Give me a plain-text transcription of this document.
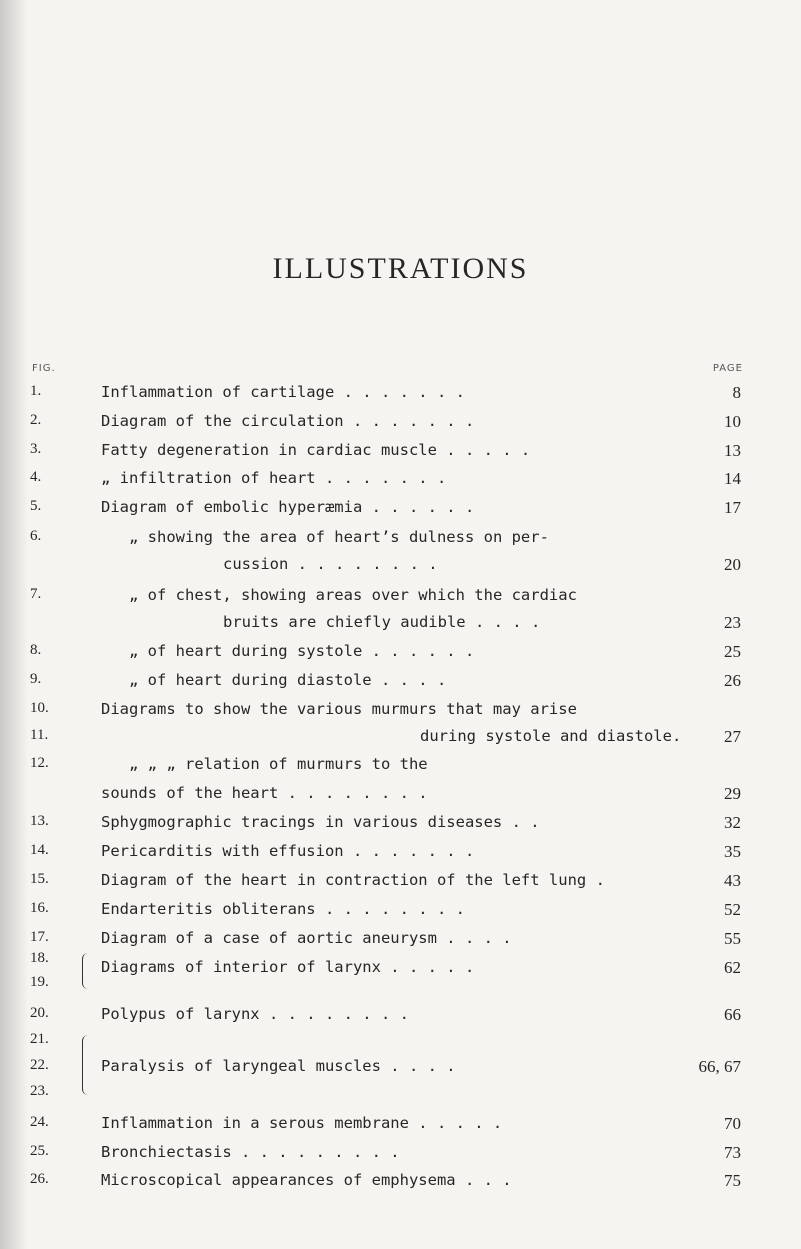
ILLUSTRATIONS
FIG.	PAGE
1.	Inflammation of cartilage . . . . . . .	8
2.	Diagram of the circulation . . . . . . .	10
3.	Fatty degeneration in cardiac muscle . . . . .	13
4.	„ infiltration of heart . . . . . . .	14
5.	Diagram of embolic hyperæmia . . . . . .	17
6.	„ showing the area of heart’s dulness on per-
cussion . . . . . . . .	20
7.	„ of chest, showing areas over which the cardiac
bruits are chiefly audible . . . .	23
8.	„ of heart during systole . . . . . .	25
9.	„ of heart during diastole . . . .	26
10.	Diagrams to show the various murmurs that may arise
11.	during systole and diastole.	27
12.	„ „ „ relation of murmurs to the
sounds of the heart . . . . . . . .	29
13.	Sphygmographic tracings in various diseases . .	32
14.	Pericarditis with effusion . . . . . . .	35
15.	Diagram of the heart in contraction of the left lung .	43
16.	Endarteritis obliterans . . . . . . . .	52
17.	Diagram of a case of aortic aneurysm . . . .	55
18.	Diagrams of interior of larynx . . . . .	62
19.
20.	Polypus of larynx . . . . . . . .	66
21.
22.	Paralysis of laryngeal muscles . . . .	66, 67
23.
24.	Inflammation in a serous membrane . . . . .	70
25.	Bronchiectasis . . . . . . . . .	73
26.	Microscopical appearances of emphysema . . .	75
